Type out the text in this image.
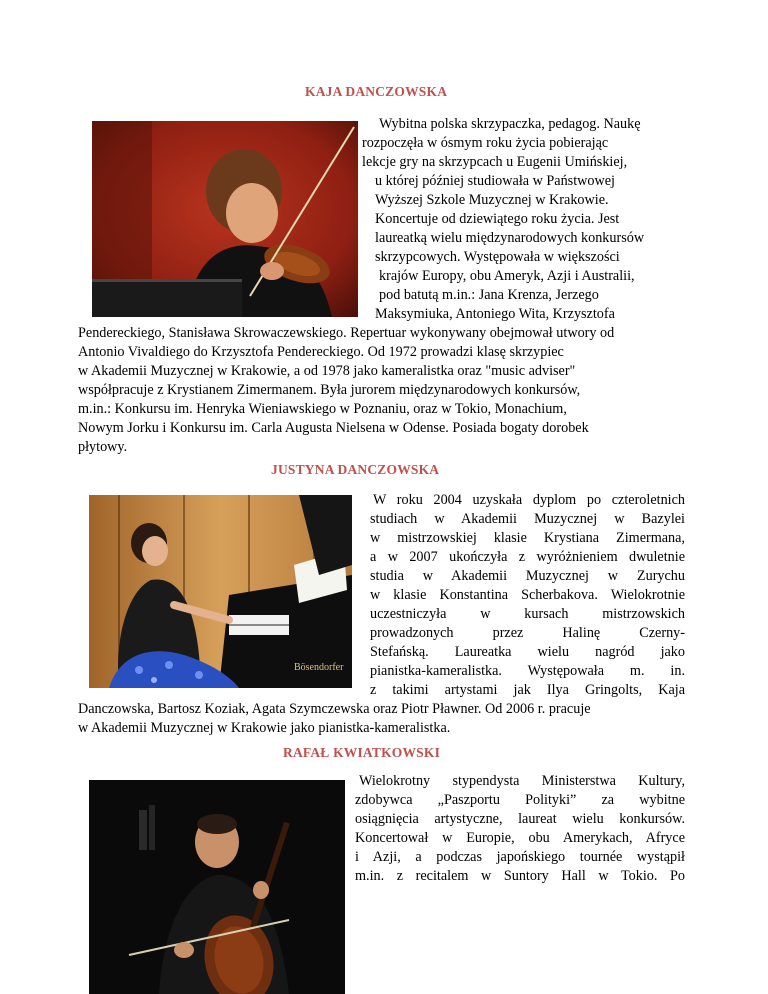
KAJA DANCZOWSKA
Wybitna polska skrzypaczka, pedagog. Naukę
rozpoczęła w ósmym roku życia pobierając
lekcje gry na skrzypcach u Eugenii Umińskiej,
u której później studiowała w Państwowej
Wyższej Szkole Muzycznej w Krakowie.
Koncertuje od dziewiątego roku życia. Jest
laureatką wielu międzynarodowych konkursów
skrzypcowych. Występowała w większości
krajów Europy, obu Ameryk, Azji i Australii,
pod batutą m.in.: Jana Krenza, Jerzego
Maksymiuka, Antoniego Wita, Krzysztofa
Pendereckiego, Stanisława Skrowaczewskiego. Repertuar wykonywany obejmował utwory od
Antonio Vivaldiego do Krzysztofa Pendereckiego. Od 1972 prowadzi klasę skrzypiec
w Akademii Muzycznej w Krakowie, a od 1978 jako kameralistka oraz "music adviser"
współpracuje z Krystianem Zimermanem. Była jurorem międzynarodowych konkursów,
m.in.: Konkursu im. Henryka Wieniawskiego w Poznaniu, oraz w Tokio, Monachium,
Nowym Jorku i Konkursu im. Carla Augusta Nielsena w Odense. Posiada bogaty dorobek
płytowy.
JUSTYNA DANCZOWSKA
Bösendorfer
W roku 2004 uzyskała dyplom po czteroletnich
studiach w Akademii Muzycznej w Bazylei
w mistrzowskiej klasie Krystiana Zimermana,
a w 2007 ukończyła z wyróżnieniem dwuletnie
studia w Akademii Muzycznej w Zurychu
w klasie Konstantina Scherbakova. Wielokrotnie
uczestniczyła w kursach mistrzowskich
prowadzonych przez Halinę Czerny-
Stefańską. Laureatka wielu nagród jako
pianistka-kameralistka. Występowała m. in.
z takimi artystami jak Ilya Gringolts, Kaja
Danczowska, Bartosz Koziak, Agata Szymczewska oraz Piotr Pławner. Od 2006 r. pracuje
w Akademii Muzycznej w Krakowie jako pianistka-kameralistka.
RAFAŁ KWIATKOWSKI
Wielokrotny stypendysta Ministerstwa Kultury,
zdobywca „Paszportu Polityki” za wybitne
osiągnięcia artystyczne, laureat wielu konkursów.
Koncertował w Europie, obu Amerykach, Afryce
i Azji, a podczas japońskiego tournée wystąpił
m.in. z recitalem w Suntory Hall w Tokio. Po
